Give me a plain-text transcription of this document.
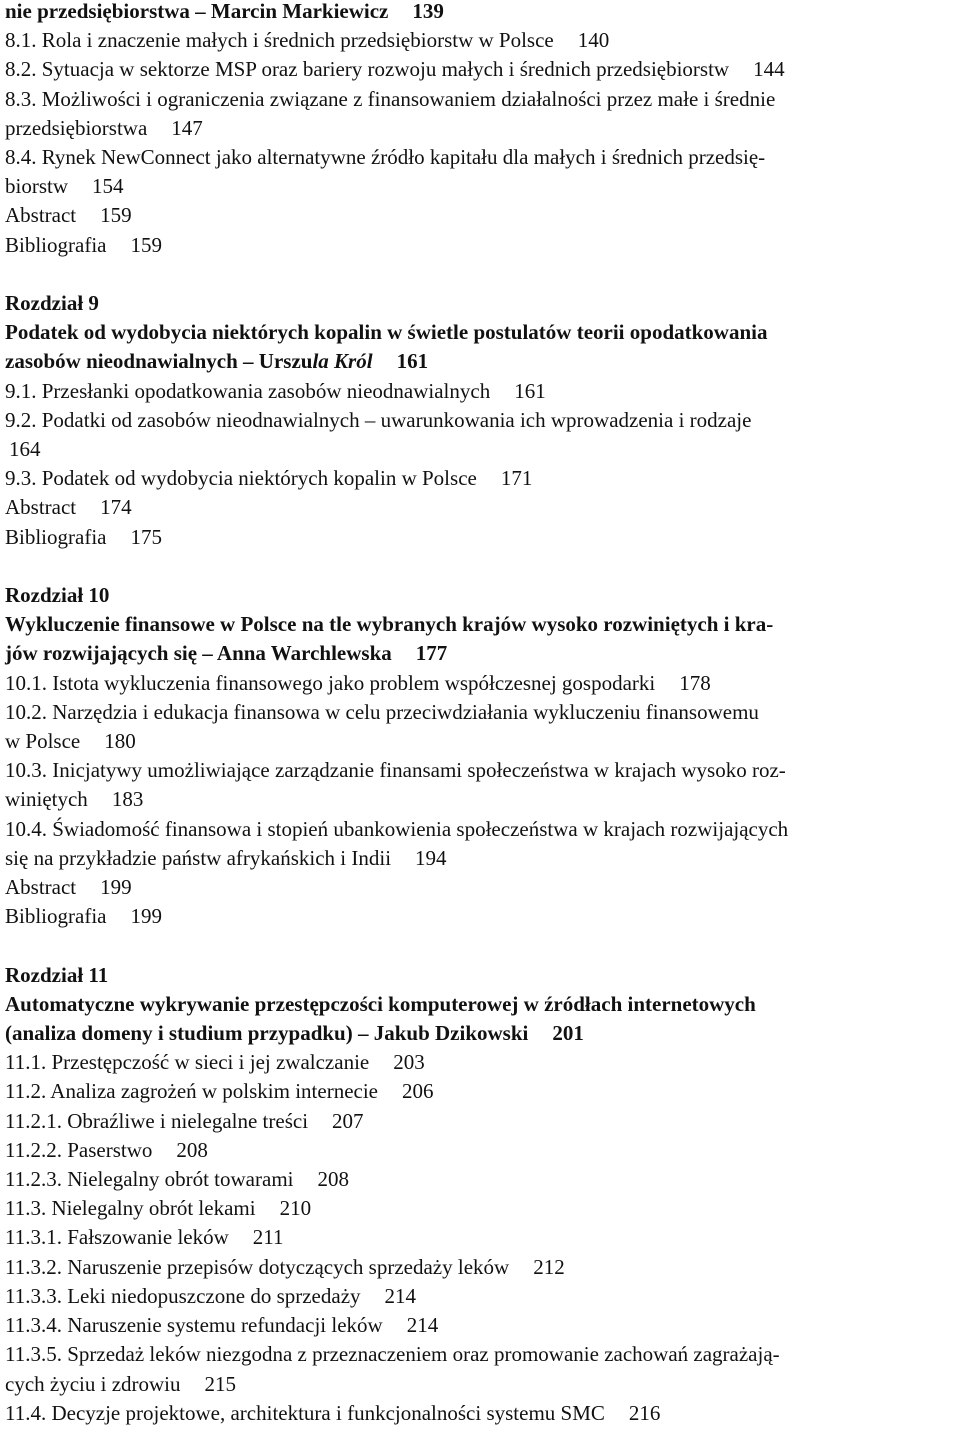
nie przedsiębiorstwa – Marcin Markiewicz 139
8.1. Rola i znaczenie małych i średnich przedsiębiorstw w Polsce 140
8.2. Sytuacja w sektorze MSP oraz bariery rozwoju małych i średnich przedsiębiorstw 144
8.3. Możliwości i ograniczenia związane z finansowaniem działalności przez małe i średnie
przedsiębiorstwa 147
8.4. Rynek NewConnect jako alternatywne źródło kapitału dla małych i średnich przedsię-
biorstw 154
Abstract 159
Bibliografia 159
Rozdział 9
Podatek od wydobycia niektórych kopalin w świetle postulatów teorii opodatkowania
zasobów nieodnawialnych – Urszula Król 161
9.1. Przesłanki opodatkowania zasobów nieodnawialnych 161
9.2. Podatki od zasobów nieodnawialnych – uwarunkowania ich wprowadzenia i rodzaje
164
9.3. Podatek od wydobycia niektórych kopalin w Polsce 171
Abstract 174
Bibliografia 175
Rozdział 10
Wykluczenie finansowe w Polsce na tle wybranych krajów wysoko rozwiniętych i kra-
jów rozwijających się – Anna Warchlewska 177
10.1. Istota wykluczenia finansowego jako problem współczesnej gospodarki 178
10.2. Narzędzia i edukacja finansowa w celu przeciwdziałania wykluczeniu finansowemu
w Polsce 180
10.3. Inicjatywy umożliwiające zarządzanie finansami społeczeństwa w krajach wysoko roz-
winiętych 183
10.4. Świadomość finansowa i stopień ubankowienia społeczeństwa w krajach rozwijających
się na przykładzie państw afrykańskich i Indii 194
Abstract 199
Bibliografia 199
Rozdział 11
Automatyczne wykrywanie przestępczości komputerowej w źródłach internetowych
(analiza domeny i studium przypadku) – Jakub Dzikowski 201
11.1. Przestępczość w sieci i jej zwalczanie 203
11.2. Analiza zagrożeń w polskim internecie 206
11.2.1. Obraźliwe i nielegalne treści 207
11.2.2. Paserstwo 208
11.2.3. Nielegalny obrót towarami 208
11.3. Nielegalny obrót lekami 210
11.3.1. Fałszowanie leków 211
11.3.2. Naruszenie przepisów dotyczących sprzedaży leków 212
11.3.3. Leki niedopuszczone do sprzedaży 214
11.3.4. Naruszenie systemu refundacji leków 214
11.3.5. Sprzedaż leków niezgodna z przeznaczeniem oraz promowanie zachowań zagrażają-
cych życiu i zdrowiu 215
11.4. Decyzje projektowe, architektura i funkcjonalności systemu SMC 216
